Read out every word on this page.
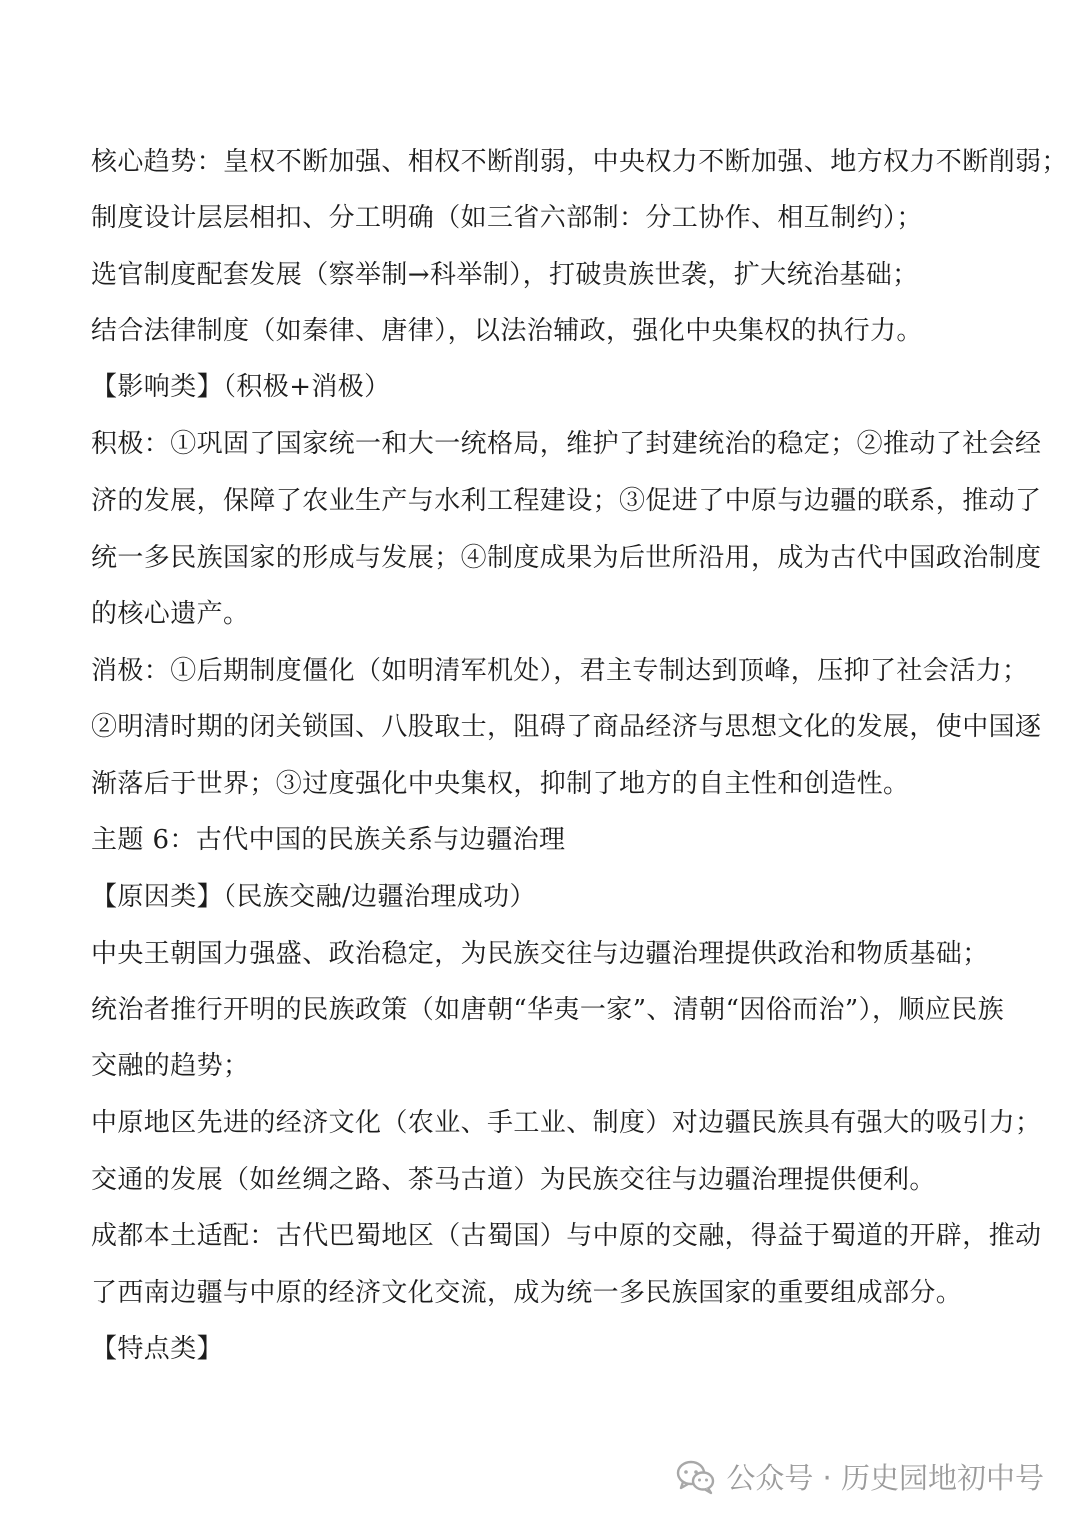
核心趋势：皇权不断加强、相权不断削弱，中央权力不断加强、地方权力不断削弱；
制度设计层层相扣、分工明确（如三省六部制：分工协作、相互制约）；
选官制度配套发展（察举制→科举制），打破贵族世袭，扩大统治基础；
结合法律制度（如秦律、唐律），以法治辅政，强化中央集权的执行力。
【影响类】（积极+消极）
积极：①巩固了国家统一和大一统格局，维护了封建统治的稳定；②推动了社会经
济的发展，保障了农业生产与水利工程建设；③促进了中原与边疆的联系，推动了
统一多民族国家的形成与发展；④制度成果为后世所沿用，成为古代中国政治制度
的核心遗产。
消极：①后期制度僵化（如明清军机处），君主专制达到顶峰，压抑了社会活力；
②明清时期的闭关锁国、八股取士，阻碍了商品经济与思想文化的发展，使中国逐
渐落后于世界；③过度强化中央集权，抑制了地方的自主性和创造性。
主题 6：古代中国的民族关系与边疆治理
【原因类】（民族交融/边疆治理成功）
中央王朝国力强盛、政治稳定，为民族交往与边疆治理提供政治和物质基础；
统治者推行开明的民族政策（如唐朝“华夷一家”、清朝“因俗而治”），顺应民族
交融的趋势；
中原地区先进的经济文化（农业、手工业、制度）对边疆民族具有强大的吸引力；
交通的发展（如丝绸之路、茶马古道）为民族交往与边疆治理提供便利。
成都本土适配：古代巴蜀地区（古蜀国）与中原的交融，得益于蜀道的开辟，推动
了西南边疆与中原的经济文化交流，成为统一多民族国家的重要组成部分。
【特点类】
公众号 · 历史园地初中号
